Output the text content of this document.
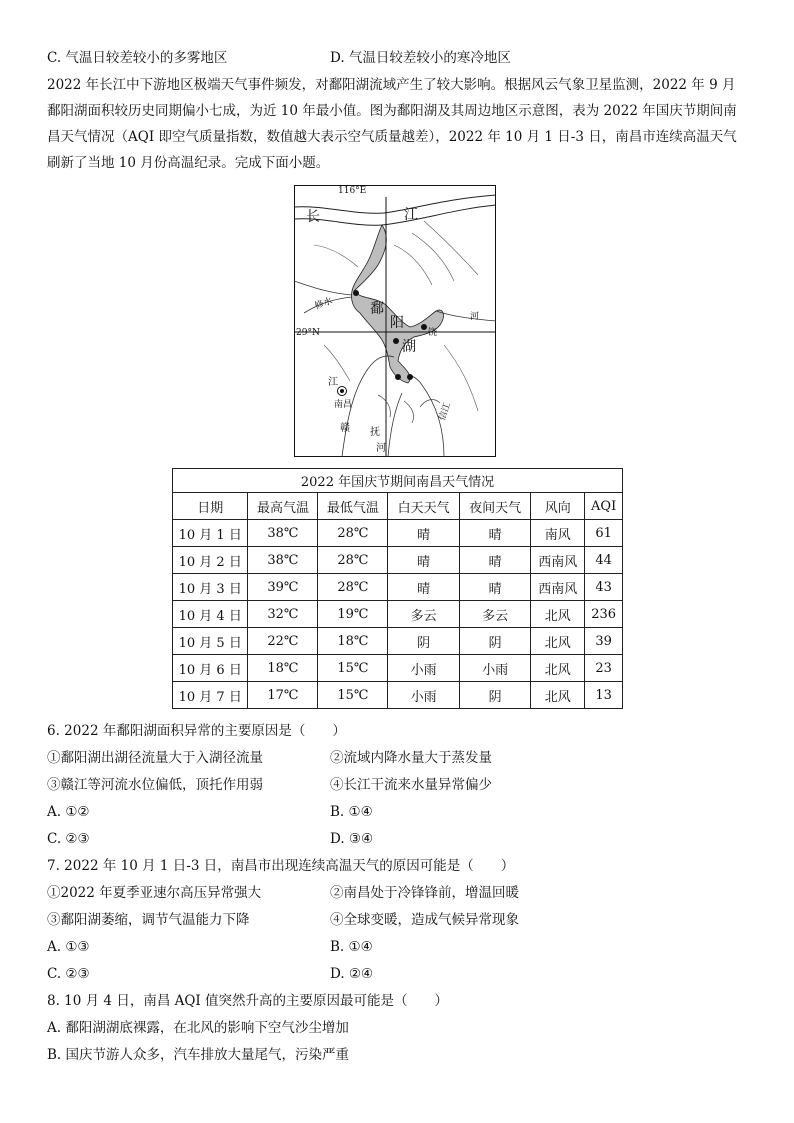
C. 气温日较差较小的多雾地区	D. 气温日较差较小的寒冷地区
2022 年长江中下游地区极端天气事件频发，对鄱阳湖流域产生了较大影响。根据风云气象卫星监测，2022 年 9 月
鄱阳湖面积较历史同期偏小七成，为近 10 年最小值。图为鄱阳湖及其周边地区示意图，表为 2022 年国庆节期间南
昌天气情况（AQI 即空气质量指数，数值越大表示空气质量越差），2022 年 10 月 1 日-3 日，南昌市连续高温天气
刷新了当地 10 月份高温纪录。完成下面小题。
116°E
长	江
鄱
阳
湖
修水
饶
河
29°N
江
南昌
赣 抚
河
信江
2022 年国庆节期间南昌天气情况						
日期	最高气温	最低气温	白天天气	夜间天气	风向	AQI
10 月 1 日	38℃	28℃	晴	晴	南风	61
10 月 2 日	38℃	28℃	晴	晴	西南风	44
10 月 3 日	39℃	28℃	晴	晴	西南风	43
10 月 4 日	32℃	19℃	多云	多云	北风	236
10 月 5 日	22℃	18℃	阴	阴	北风	39
10 月 6 日	18℃	15℃	小雨	小雨	北风	23
10 月 7 日	17℃	15℃	小雨	阴	北风	13
6. 2022 年鄱阳湖面积异常的主要原因是（　　）
①鄱阳湖出湖径流量大于入湖径流量	②流域内降水量大于蒸发量
③赣江等河流水位偏低，顶托作用弱	④长江干流来水量异常偏少
A. ①②	B. ①④
C. ②③	D. ③④
7. 2022 年 10 月 1 日-3 日，南昌市出现连续高温天气的原因可能是（　　）
①2022 年夏季亚速尔高压异常强大	②南昌处于冷锋锋前，增温回暖
③鄱阳湖萎缩，调节气温能力下降	④全球变暖，造成气候异常现象
A. ①③	B. ①④
C. ②③	D. ②④
8. 10 月 4 日，南昌 AQI 值突然升高的主要原因最可能是（　　）
A. 鄱阳湖湖底裸露，在北风的影响下空气沙尘增加
B. 国庆节游人众多，汽车排放大量尾气，污染严重
